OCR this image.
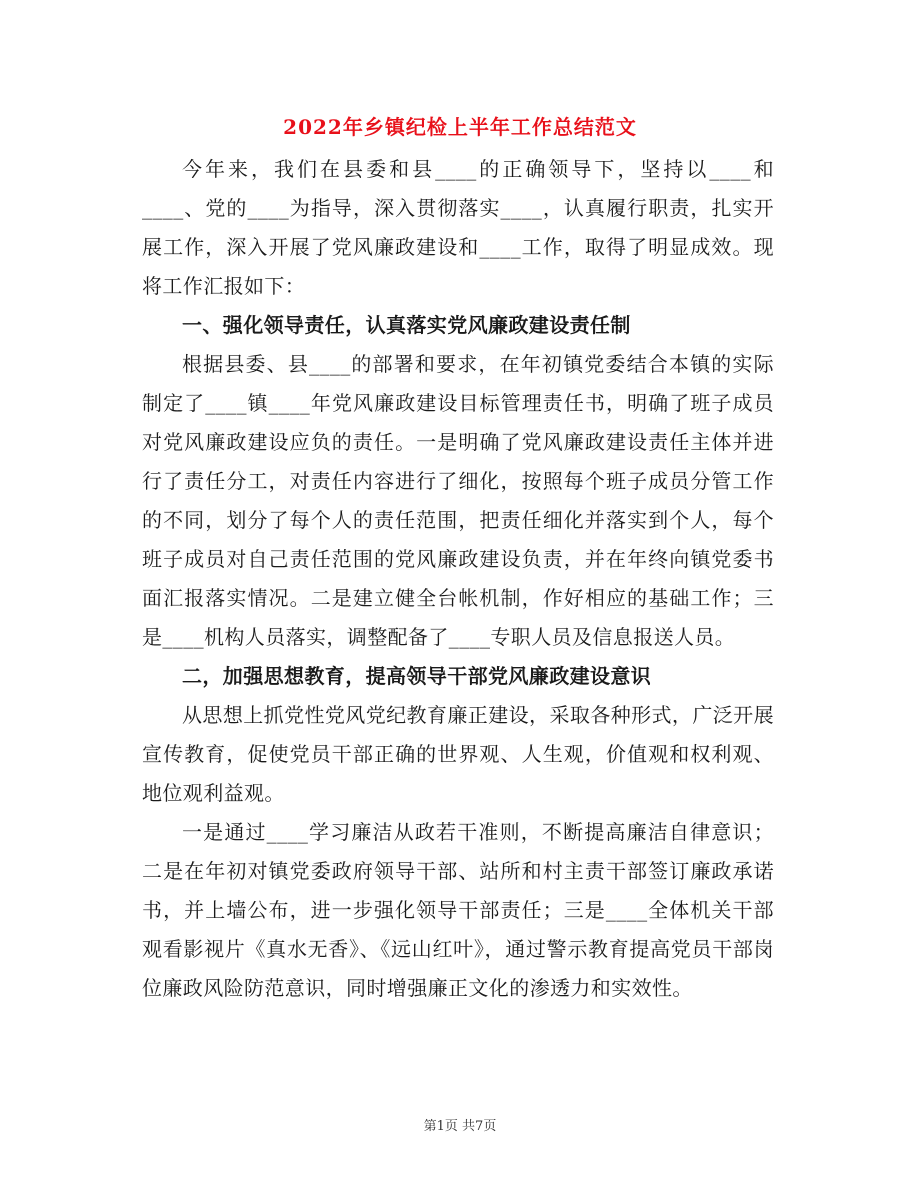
2022年乡镇纪检上半年工作总结范文

今年来，我们在县委和县____的正确领导下，坚持以____和____、党的____为指导，深入贯彻落实____，认真履行职责，扎实开展工作，深入开展了党风廉政建设和____工作，取得了明显成效。现将工作汇报如下：

一、强化领导责任，认真落实党风廉政建设责任制

根据县委、县____的部署和要求，在年初镇党委结合本镇的实际制定了____镇____年党风廉政建设目标管理责任书，明确了班子成员对党风廉政建设应负的责任。一是明确了党风廉政建设责任主体并进行了责任分工，对责任内容进行了细化，按照每个班子成员分管工作的不同，划分了每个人的责任范围，把责任细化并落实到个人，每个班子成员对自己责任范围的党风廉政建设负责，并在年终向镇党委书面汇报落实情况。二是建立健全台帐机制，作好相应的基础工作；三是____机构人员落实，调整配备了____专职人员及信息报送人员。

二，加强思想教育，提高领导干部党风廉政建设意识

从思想上抓党性党风党纪教育廉正建设，采取各种形式，广泛开展宣传教育，促使党员干部正确的世界观、人生观，价值观和权利观、地位观利益观。

一是通过____学习廉洁从政若干准则，不断提高廉洁自律意识；二是在年初对镇党委政府领导干部、站所和村主责干部签订廉政承诺书，并上墙公布，进一步强化领导干部责任；三是____全体机关干部观看影视片《真水无香》、《远山红叶》，通过警示教育提高党员干部岗位廉政风险防范意识，同时增强廉正文化的渗透力和实效性。

第1页 共7页
